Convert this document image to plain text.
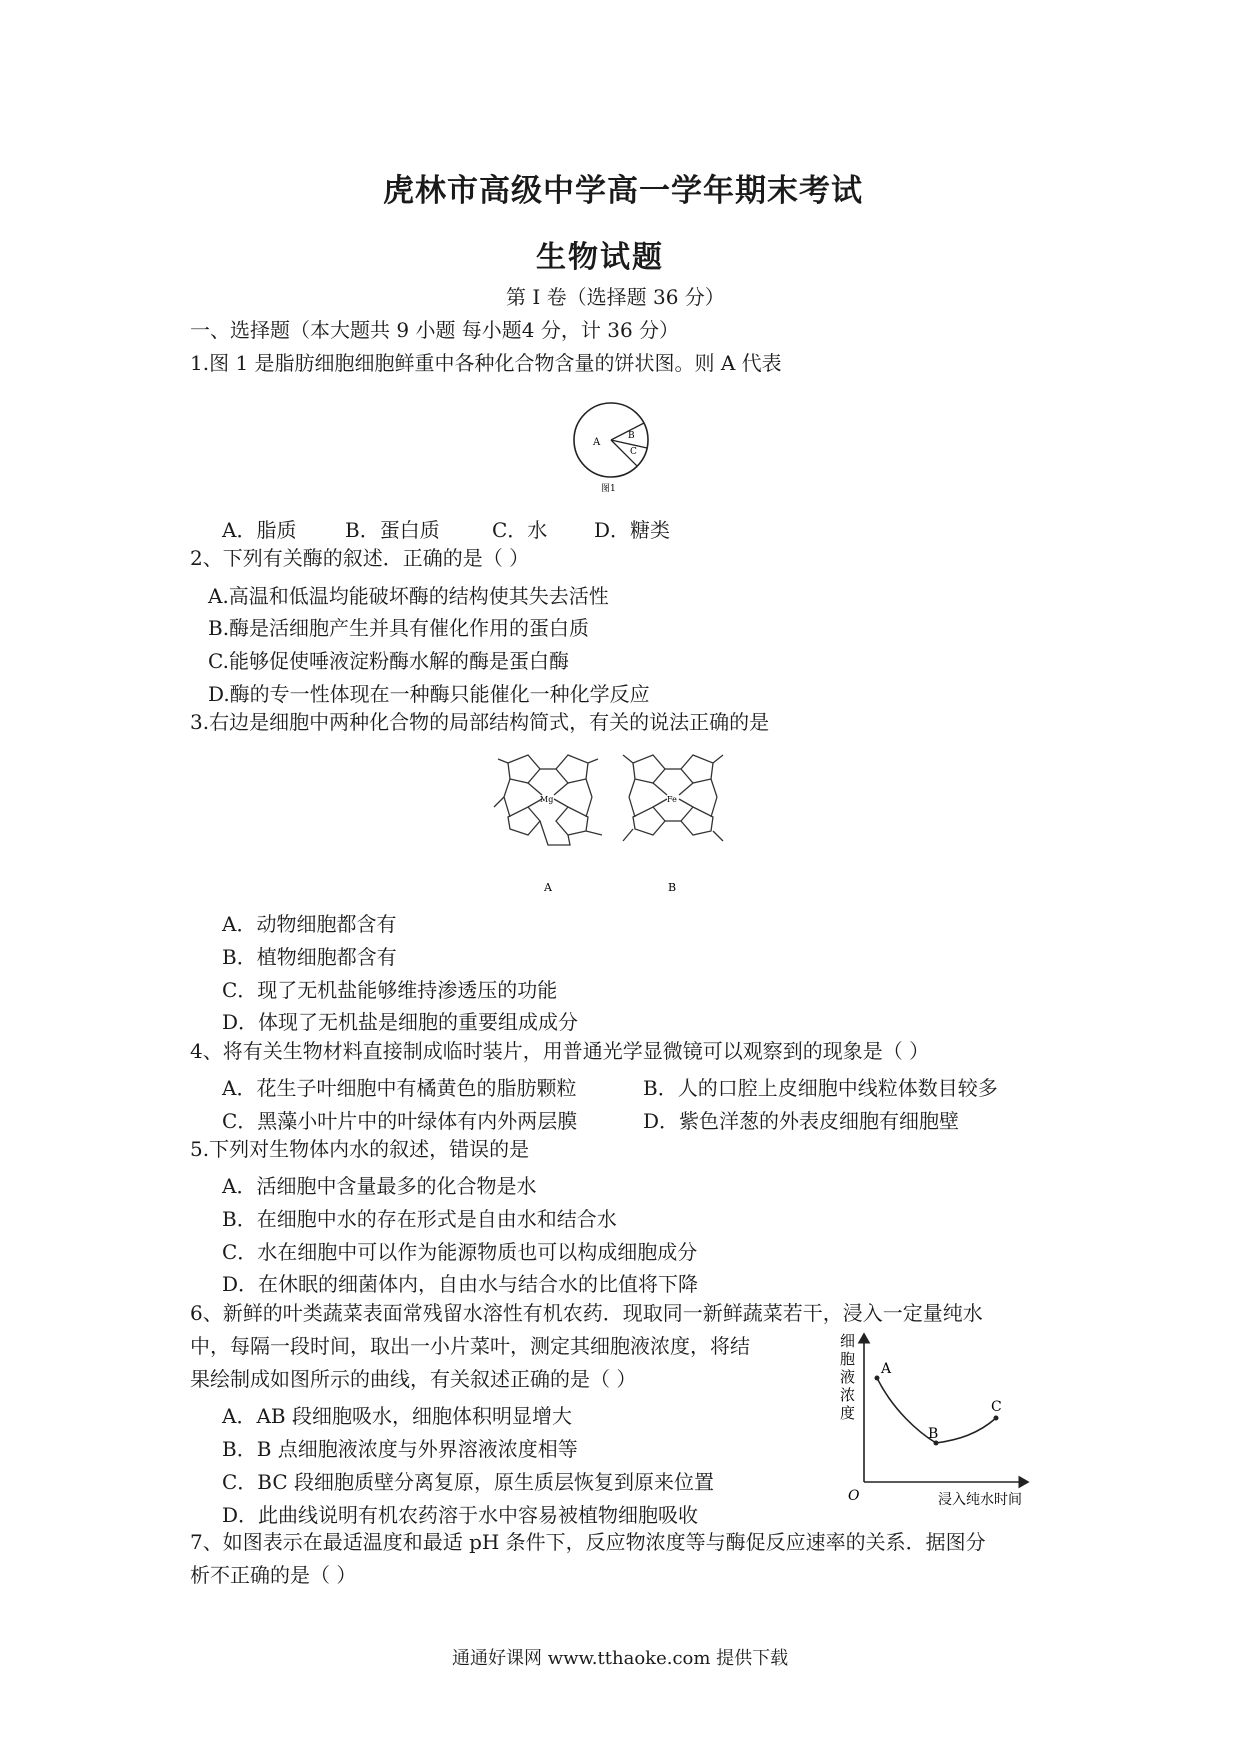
虎林市高级中学高一学年期末考试
生物试题
第 I 卷（选择题 36 分）
一、选择题（本大题共 9 小题 每小题4 分，计 36 分）
1.图 1 是脂肪细胞细胞鲜重中各种化合物含量的饼状图。则 A 代表
A
B
C
图1
A．脂质 B．蛋白质	C．水 D．糖类
2、下列有关酶的叙述．正确的是（ ）
A.高温和低温均能破坏酶的结构使其失去活性
B.酶是活细胞产生并具有催化作用的蛋白质
C.能够促使唾液淀粉酶水解的酶是蛋白酶
D.酶的专一性体现在一种酶只能催化一种化学反应
3.右边是细胞中两种化合物的局部结构简式，有关的说法正确的是
Mg	Fe
A	B
A．动物细胞都含有
B．植物细胞都含有
C．现了无机盐能够维持渗透压的功能
D．体现了无机盐是细胞的重要组成成分
4、将有关生物材料直接制成临时装片，用普通光学显微镜可以观察到的现象是（ ）
A．花生子叶细胞中有橘黄色的脂肪颗粒	B．人的口腔上皮细胞中线粒体数目较多
C．黑藻小叶片中的叶绿体有内外两层膜	D．紫色洋葱的外表皮细胞有细胞壁
5.下列对生物体内水的叙述，错误的是
A．活细胞中含量最多的化合物是水
B．在细胞中水的存在形式是自由水和结合水
C．水在细胞中可以作为能源物质也可以构成细胞成分
D．在休眠的细菌体内，自由水与结合水的比值将下降
6、新鲜的叶类蔬菜表面常残留水溶性有机农药．现取同一新鲜蔬菜若干，浸入一定量纯水
中，每隔一段时间，取出一小片菜叶，测定其细胞液浓度，将结
果绘制成如图所示的曲线，有关叙述正确的是（ ）
A．AB 段细胞吸水，细胞体积明显增大
B．B 点细胞液浓度与外界溶液浓度相等
C．BC 段细胞质壁分离复原，原生质层恢复到原来位置
D．此曲线说明有机农药溶于水中容易被植物细胞吸收
细
胞
液
浓
度
A
B
C
O	浸入纯水时间
7、如图表示在最适温度和最适 pH 条件下，反应物浓度等与酶促反应速率的关系．据图分
析不正确的是（ ）
通通好课网 www.tthaoke.com 提供下载
